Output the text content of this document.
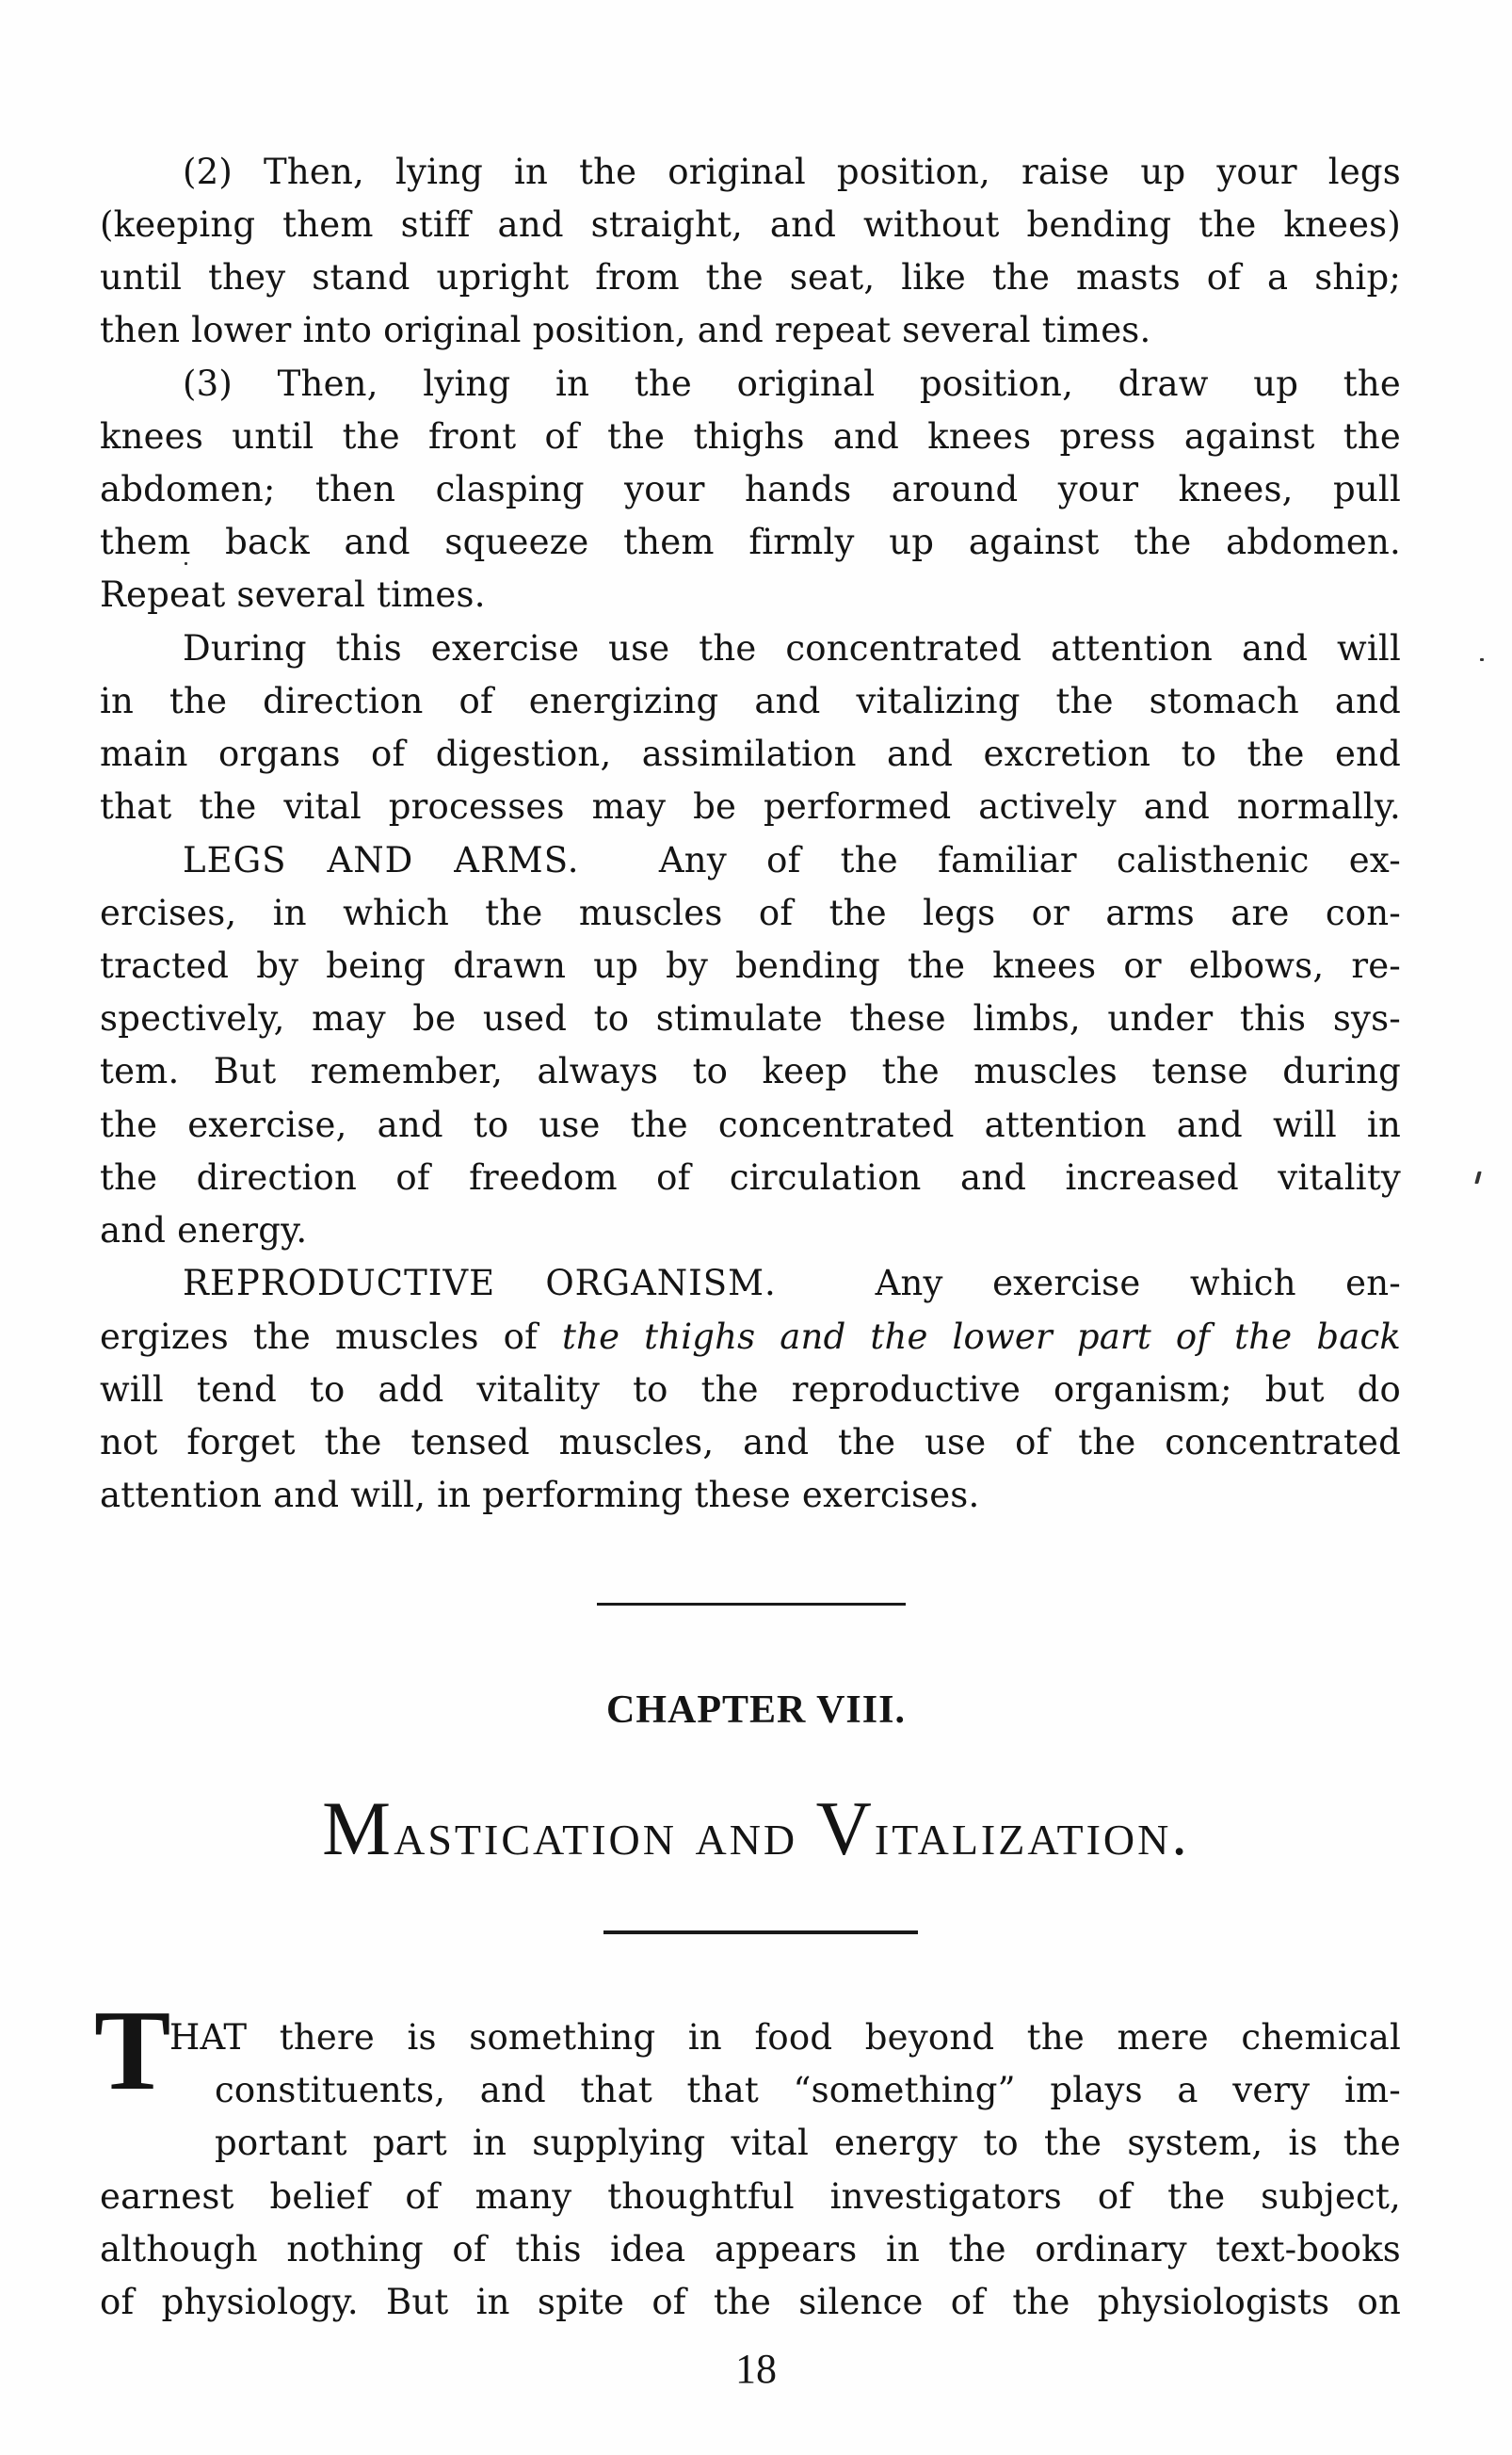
(2) Then, lying in the original position, raise up your legs
(keeping them stiff and straight, and without bending the knees)
until they stand upright from the seat, like the masts of a ship;
then lower into original position, and repeat several times.
(3) Then, lying in the original position, draw up the
knees until the front of the thighs and knees press against the
abdomen; then clasping your hands around your knees, pull
them back and squeeze them firmly up against the abdomen.
Repeat several times.
During this exercise use the concentrated attention and will
in the direction of energizing and vitalizing the stomach and
main organs of digestion, assimilation and excretion to the end
that the vital processes may be performed actively and normally.
LEGS AND ARMS. Any of the familiar calisthenic ex-
ercises, in which the muscles of the legs or arms are con-
tracted by being drawn up by bending the knees or elbows, re-
spectively, may be used to stimulate these limbs, under this sys-
tem. But remember, always to keep the muscles tense during
the exercise, and to use the concentrated attention and will in
the direction of freedom of circulation and increased vitality
and energy.
REPRODUCTIVE ORGANISM.	Any exercise which en-
ergizes the muscles of the thighs and the lower part of the back
will tend to add vitality to the reproductive organism; but do
not forget the tensed muscles, and the use of the concentrated
attention and will, in performing these exercises.
CHAPTER VIII.
Mastication and Vitalization.
T
HAT there is something in food beyond the mere chemical
constituents, and that that “something” plays a very im-
portant part in supplying vital energy to the system, is the
earnest belief of many thoughtful investigators of the subject,
although nothing of this idea appears in the ordinary text-books
of physiology. But in spite of the silence of the physiologists on
18
